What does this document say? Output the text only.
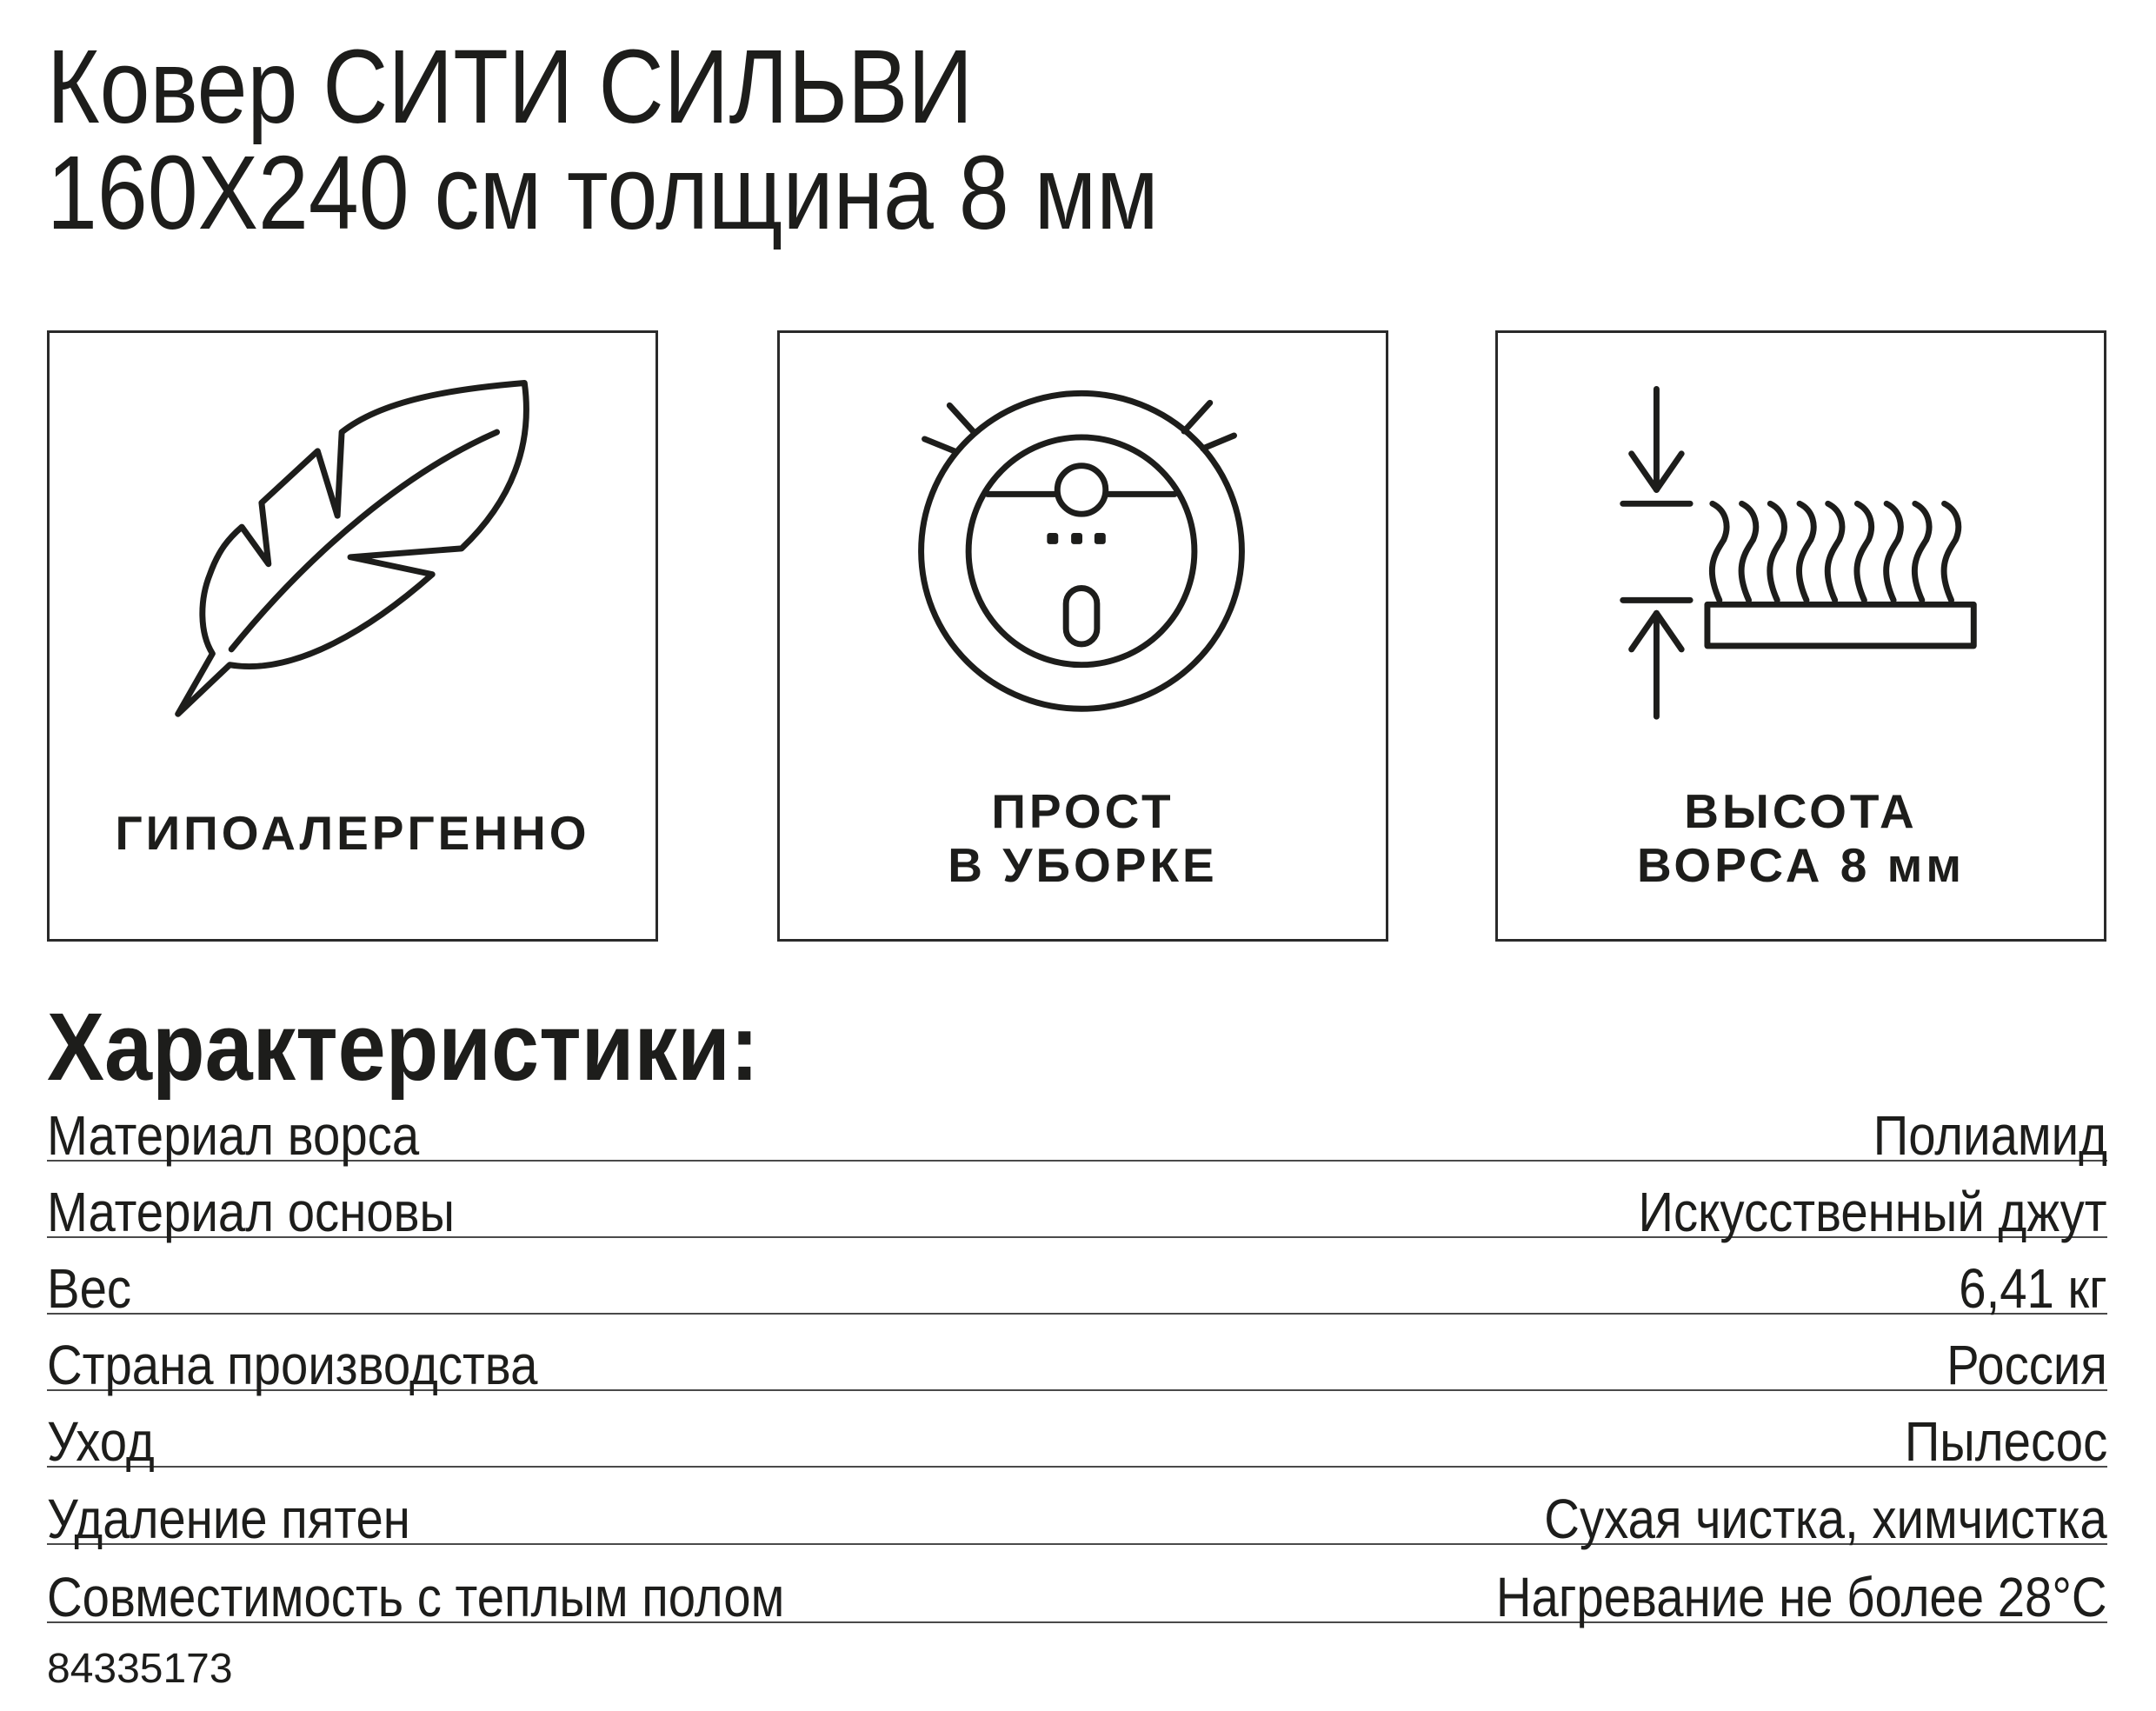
Ковер СИТИ СИЛЬВИ
160X240 см толщина 8 мм
ГИПОАЛЕРГЕННО	ПРОСТ
В УБОРКЕ
ВЫСОТА
ВОРСА 8 мм
Характеристики:
Материал ворса	Полиамид
Материал основы	Искусственный джут
Вес	6,41 кг
Страна производства	Россия
Уход	Пылесос
Удаление пятен	Сухая чистка, химчистка
Совместимость с теплым полом	Нагревание не более 28°С
84335173
